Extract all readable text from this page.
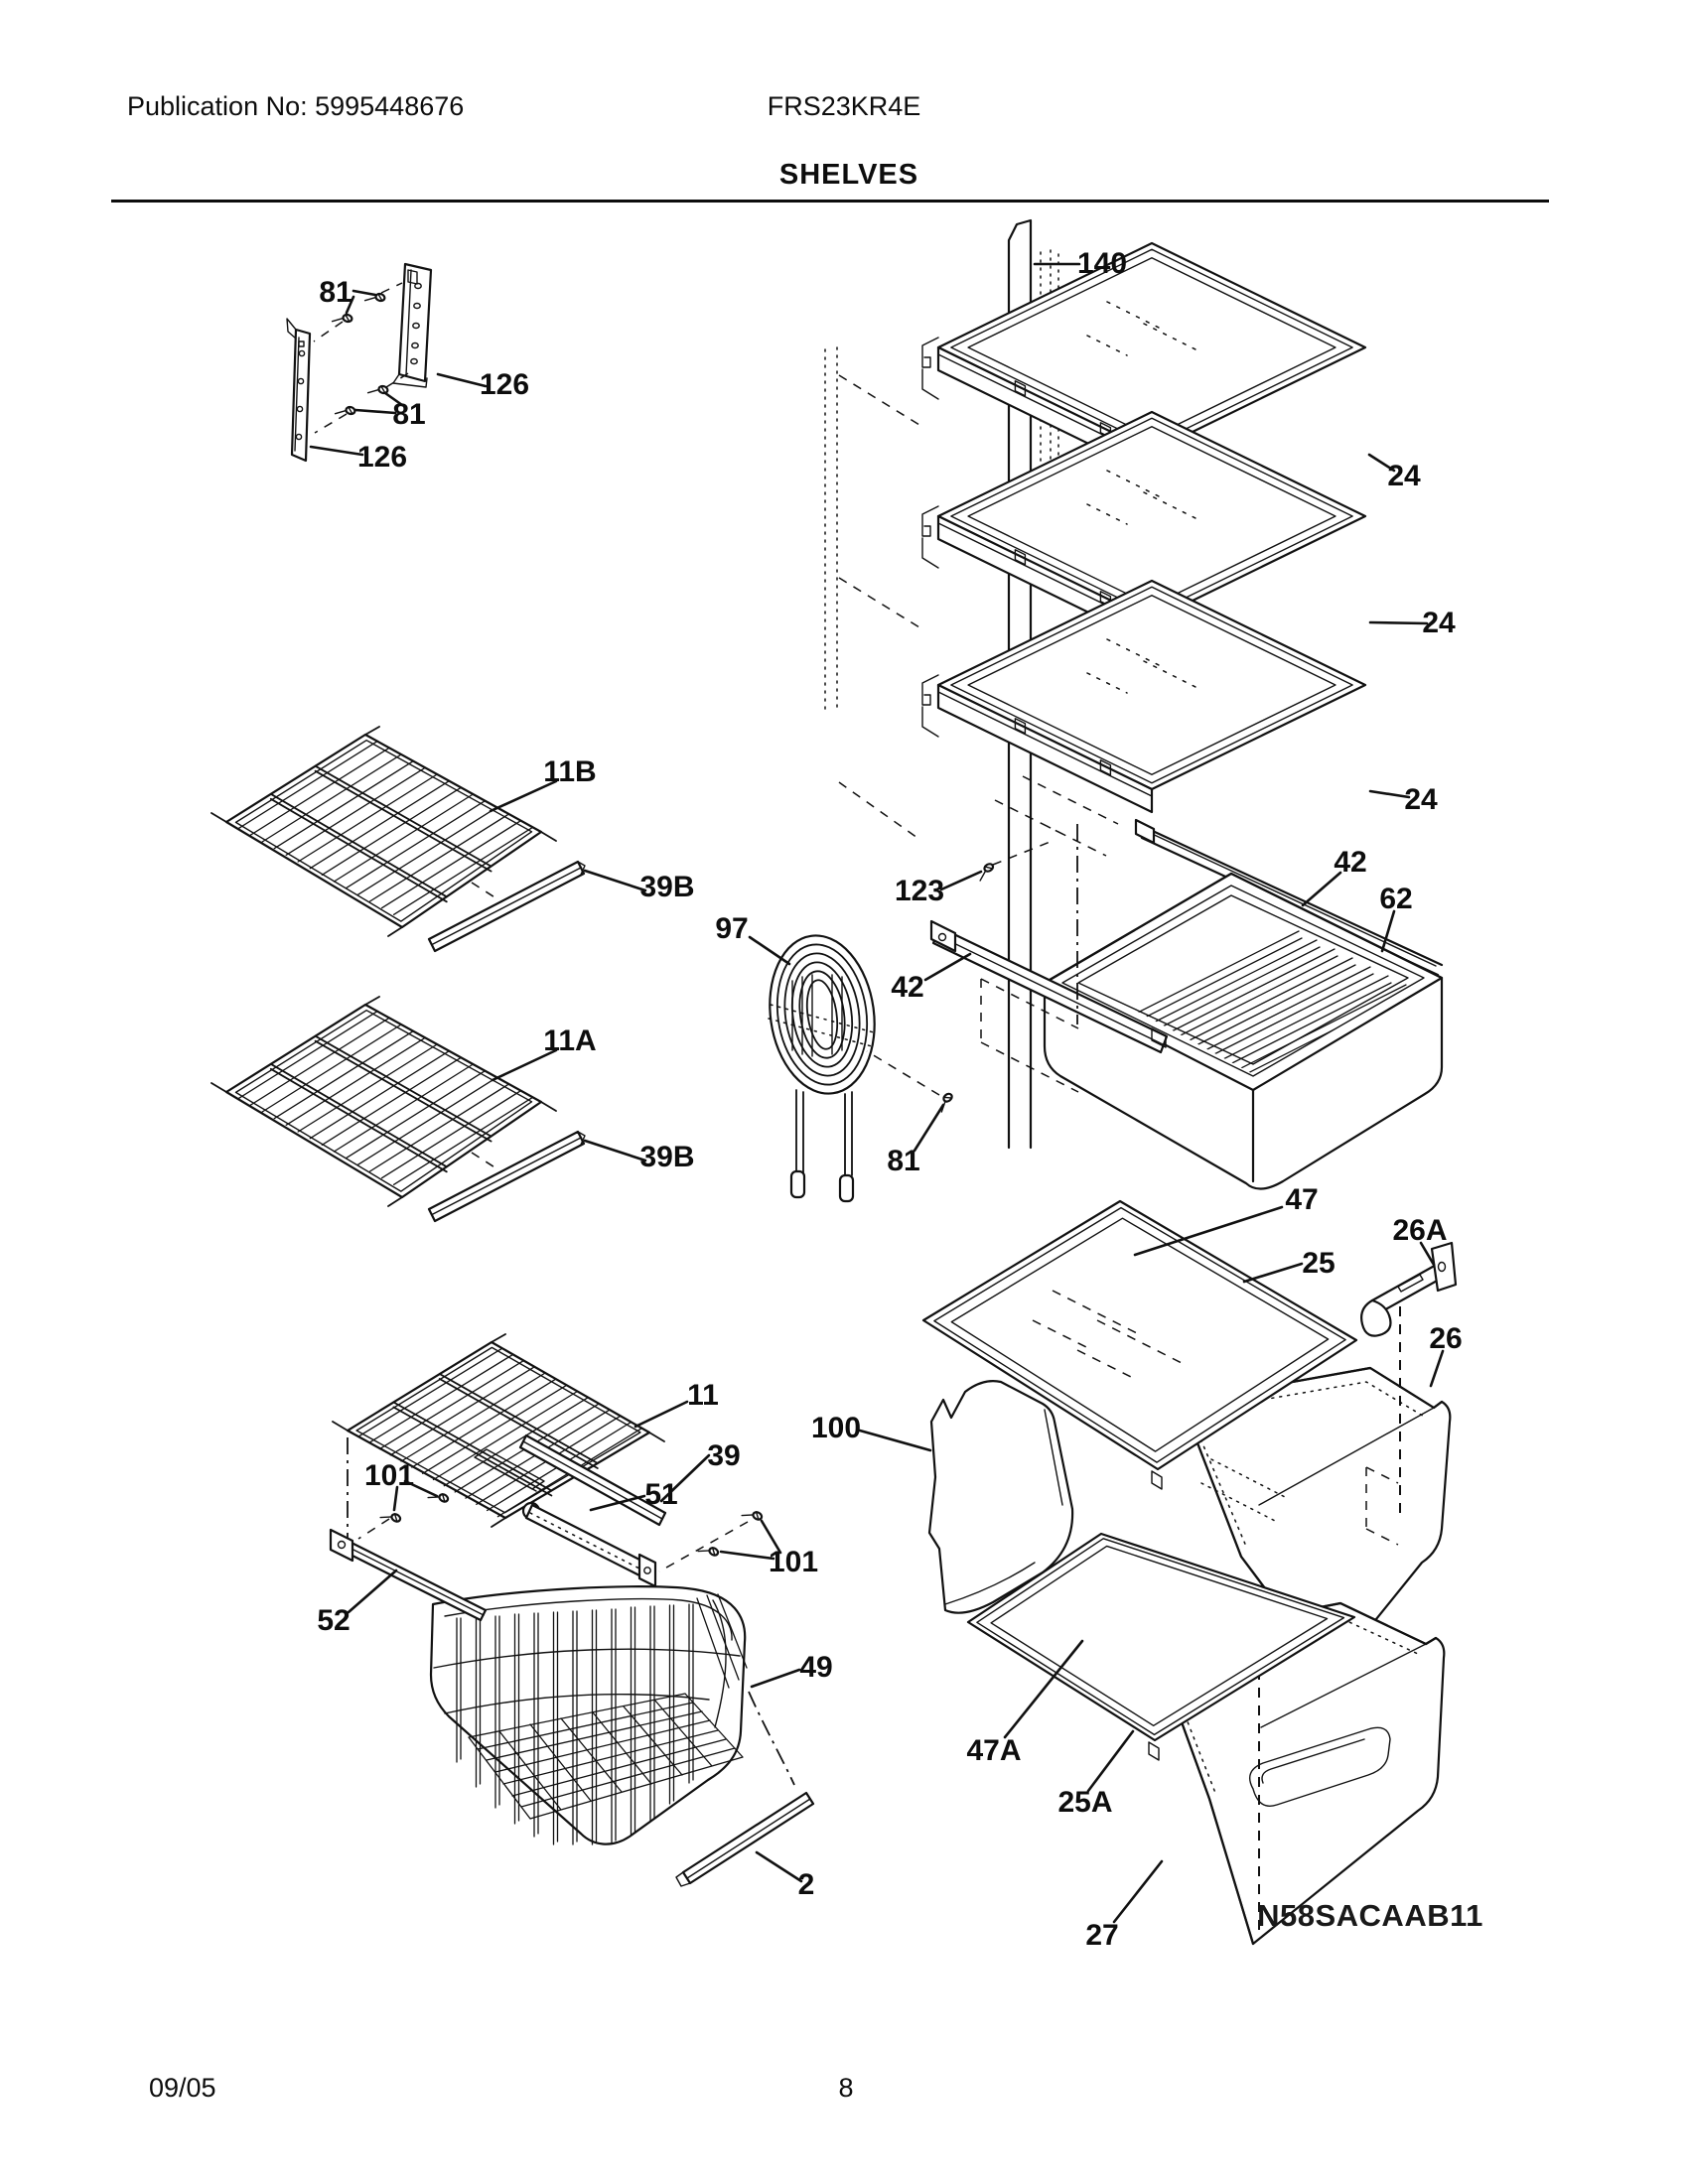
Publication No: 5995448676	FRS23KR4E
SHELVES
81
126
81
126
140
24
24
24
123
42
62
42
97
11B
39B
11A
39B	81
47
25
26A
26
100
11
39
101
51
101
52
49
47A
25A
2
27
N58SACAAB11
09/05	8
